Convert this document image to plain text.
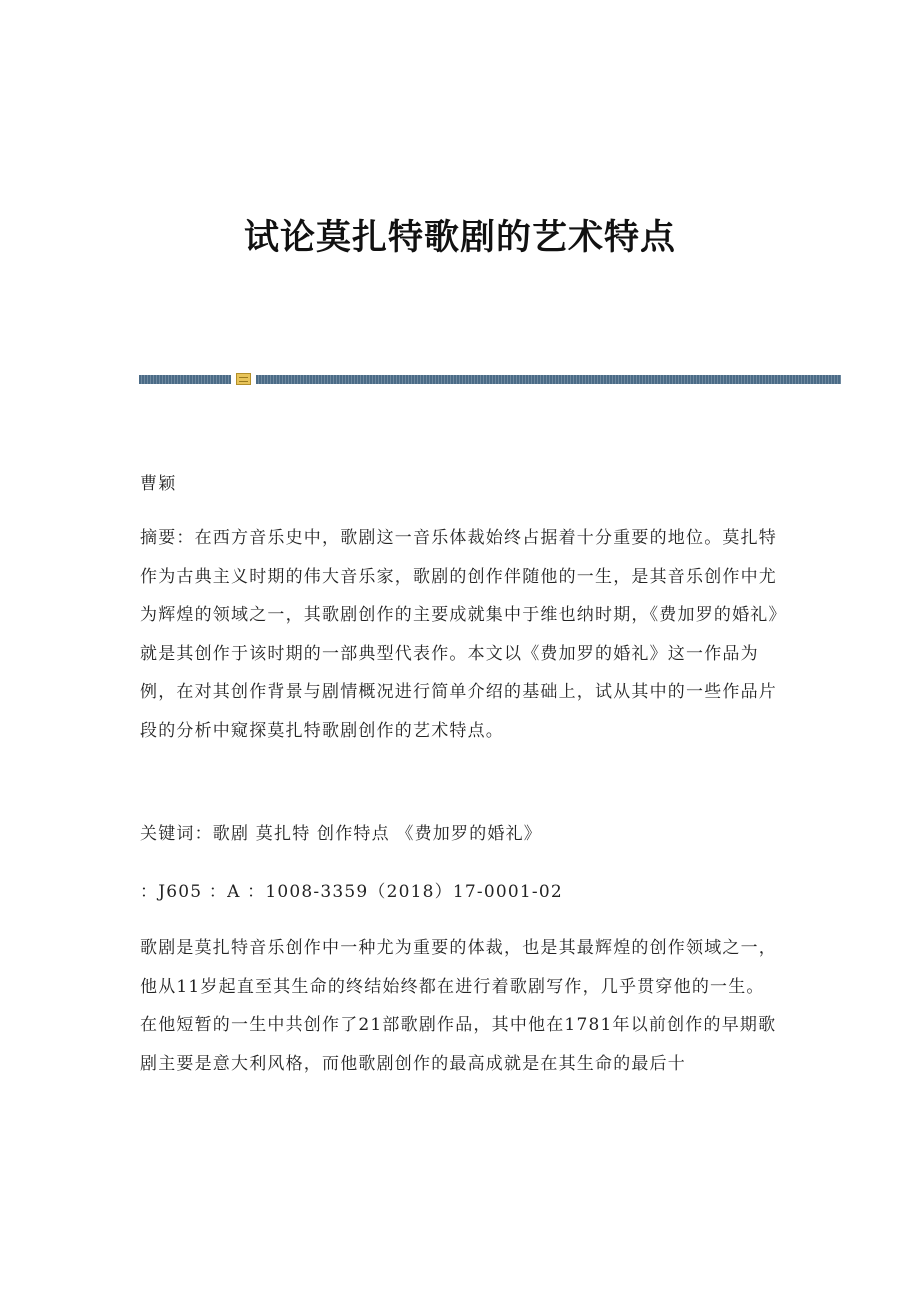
试论莫扎特歌剧的艺术特点
曹颖
摘要：在西方音乐史中，歌剧这一音乐体裁始终占据着十分重要的地位。莫扎特作为古典主义时期的伟大音乐家，歌剧的创作伴随他的一生，是其音乐创作中尤为辉煌的领域之一，其歌剧创作的主要成就集中于维也纳时期，《费加罗的婚礼》就是其创作于该时期的一部典型代表作。本文以《费加罗的婚礼》这一作品为例，在对其创作背景与剧情概况进行简单介绍的基础上，试从其中的一些作品片段的分析中窥探莫扎特歌剧创作的艺术特点。
关键词：歌剧 莫扎特 创作特点 《费加罗的婚礼》
：J605 ：A ：1008-3359（2018）17-0001-02
歌剧是莫扎特音乐创作中一种尤为重要的体裁，也是其最辉煌的创作领域之一，他从11岁起直至其生命的终结始终都在进行着歌剧写作，几乎贯穿他的一生。在他短暂的一生中共创作了21部歌剧作品，其中他在1781年以前创作的早期歌剧主要是意大利风格，而他歌剧创作的最高成就是在其生命的最后十
